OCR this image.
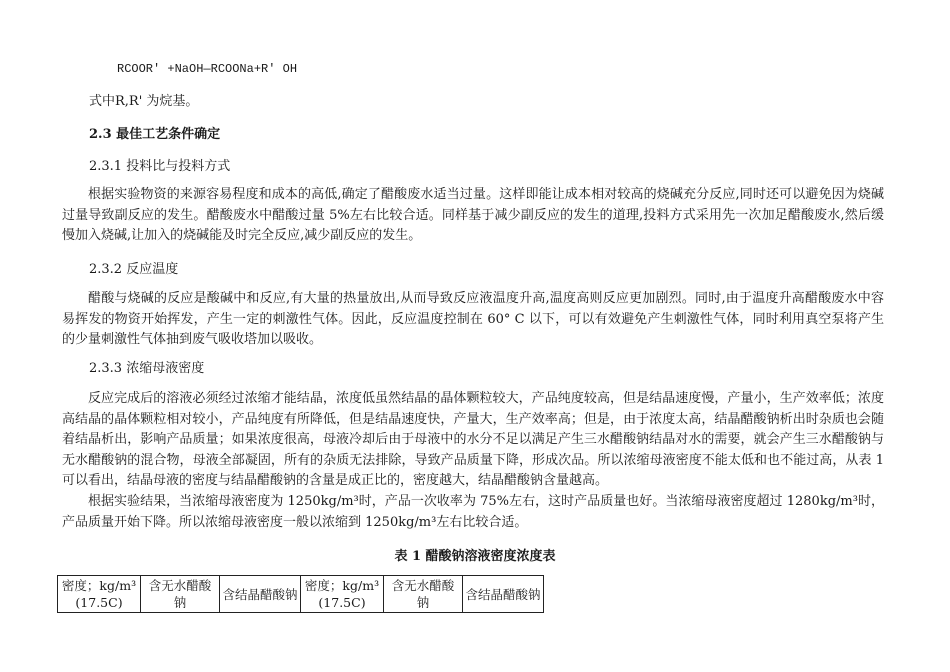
RCOOR' +NaOH—RCOONa+R' OH
式中R,R' 为烷基。
2.3 最佳工艺条件确定
2.3.1 投料比与投料方式

根据实验物资的来源容易程度和成本的高低,确定了醋酸废水适当过量。这样即能让成本相对较高的烧碱充分反应,同时还可以避免因为烧碱过量导致副反应的发生。醋酸废水中醋酸过量 5%左右比较合适。同样基于减少副反应的发生的道理,投料方式采用先一次加足醋酸废水,然后缓慢加入烧碱,让加入的烧碱能及时完全反应,减少副反应的发生。

2.3.2 反应温度

醋酸与烧碱的反应是酸碱中和反应,有大量的热量放出,从而导致反应液温度升高,温度高则反应更加剧烈。同时,由于温度升高醋酸废水中容易挥发的物资开始挥发，产生一定的刺激性气体。因此，反应温度控制在 60° C 以下，可以有效避免产生刺激性气体，同时利用真空泵将产生的少量刺激性气体抽到废气吸收塔加以吸收。

2.3.3 浓缩母液密度

反应完成后的溶液必须经过浓缩才能结晶，浓度低虽然结晶的晶体颗粒较大，产品纯度较高，但是结晶速度慢，产量小，生产效率低；浓度高结晶的晶体颗粒相对较小，产品纯度有所降低，但是结晶速度快，产量大，生产效率高；但是，由于浓度太高，结晶醋酸钠析出时杂质也会随着结晶析出，影响产品质量；如果浓度很高，母液冷却后由于母液中的水分不足以满足产生三水醋酸钠结晶对水的需要，就会产生三水醋酸钠与无水醋酸钠的混合物，母液全部凝固，所有的杂质无法排除，导致产品质量下降，形成次品。所以浓缩母液密度不能太低和也不能过高，从表 1 可以看出，结晶母液的密度与结晶醋酸钠的含量是成正比的，密度越大，结晶醋酸钠含量越高。

根据实验结果，当浓缩母液密度为 1250kg/m³时，产品一次收率为 75%左右，这时产品质量也好。当浓缩母液密度超过 1280kg/m³时，产品质量开始下降。所以浓缩母液密度一般以浓缩到 1250kg/m³左右比较合适。

表 1 醋酸钠溶液密度浓度表
密度；kg/m³ (17.5C)	含无水醋酸钠	含结晶醋酸钠	密度；kg/m³ (17.5C)	含无水醋酸钠	含结晶醋酸钠
